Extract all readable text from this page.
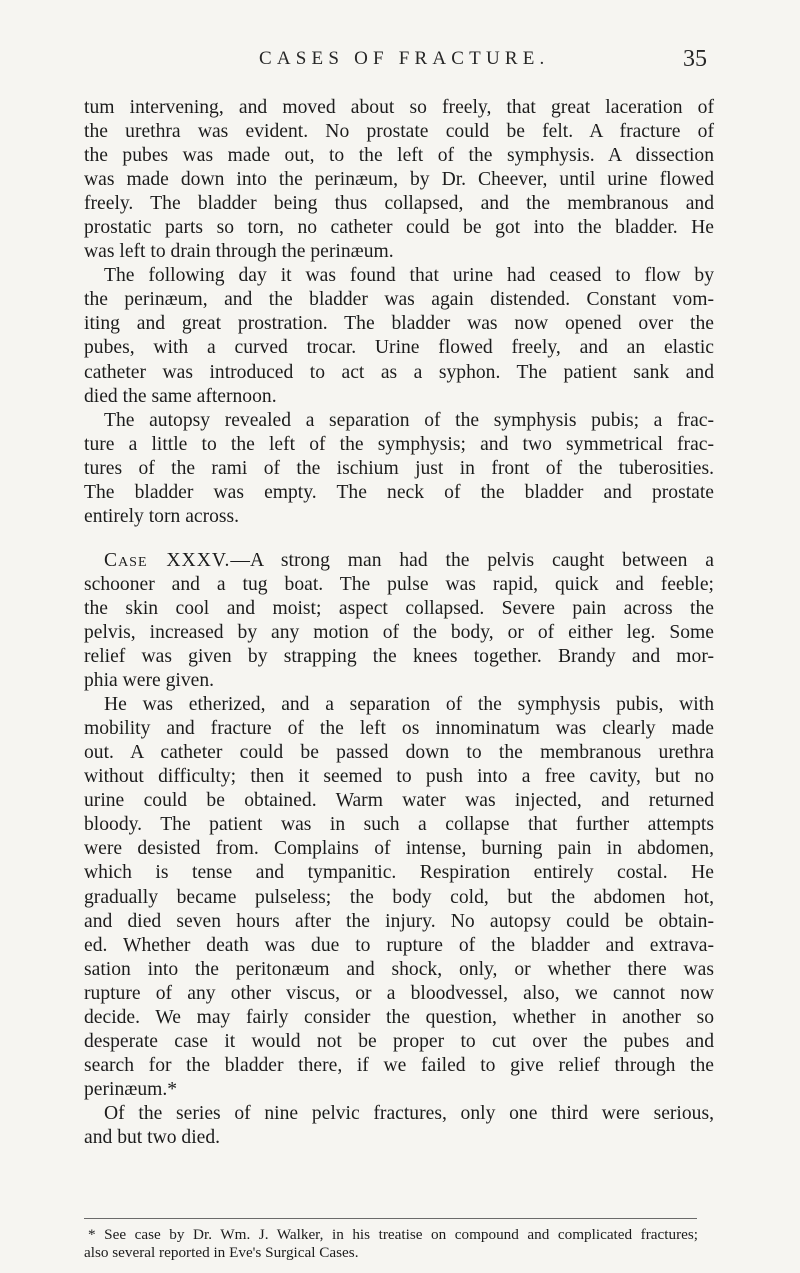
CASES OF FRACTURE.	35
tum intervening, and moved about so freely, that great laceration of
the urethra was evident. No prostate could be felt. A fracture of
the pubes was made out, to the left of the symphysis. A dissection
was made down into the perinæum, by Dr. Cheever, until urine flowed
freely. The bladder being thus collapsed, and the membranous and
prostatic parts so torn, no catheter could be got into the bladder. He
was left to drain through the perinæum.
The following day it was found that urine had ceased to flow by
the perinæum, and the bladder was again distended. Constant vom-
iting and great prostration. The bladder was now opened over the
pubes, with a curved trocar. Urine flowed freely, and an elastic
catheter was introduced to act as a syphon. The patient sank and
died the same afternoon.
The autopsy revealed a separation of the symphysis pubis; a frac-
ture a little to the left of the symphysis; and two symmetrical frac-
tures of the rami of the ischium just in front of the tuberosities.
The bladder was empty. The neck of the bladder and prostate
entirely torn across.
Case XXXV.—A strong man had the pelvis caught between a
schooner and a tug boat. The pulse was rapid, quick and feeble;
the skin cool and moist; aspect collapsed. Severe pain across the
pelvis, increased by any motion of the body, or of either leg. Some
relief was given by strapping the knees together. Brandy and mor-
phia were given.
He was etherized, and a separation of the symphysis pubis, with
mobility and fracture of the left os innominatum was clearly made
out. A catheter could be passed down to the membranous urethra
without difficulty; then it seemed to push into a free cavity, but no
urine could be obtained. Warm water was injected, and returned
bloody. The patient was in such a collapse that further attempts
were desisted from. Complains of intense, burning pain in abdomen,
which is tense and tympanitic. Respiration entirely costal. He
gradually became pulseless; the body cold, but the abdomen hot,
and died seven hours after the injury. No autopsy could be obtain-
ed. Whether death was due to rupture of the bladder and extrava-
sation into the peritonæum and shock, only, or whether there was
rupture of any other viscus, or a bloodvessel, also, we cannot now
decide. We may fairly consider the question, whether in another so
desperate case it would not be proper to cut over the pubes and
search for the bladder there, if we failed to give relief through the
perinæum.*
Of the series of nine pelvic fractures, only one third were serious,
and but two died.
* See case by Dr. Wm. J. Walker, in his treatise on compound and complicated fractures;
also several reported in Eve's Surgical Cases.
